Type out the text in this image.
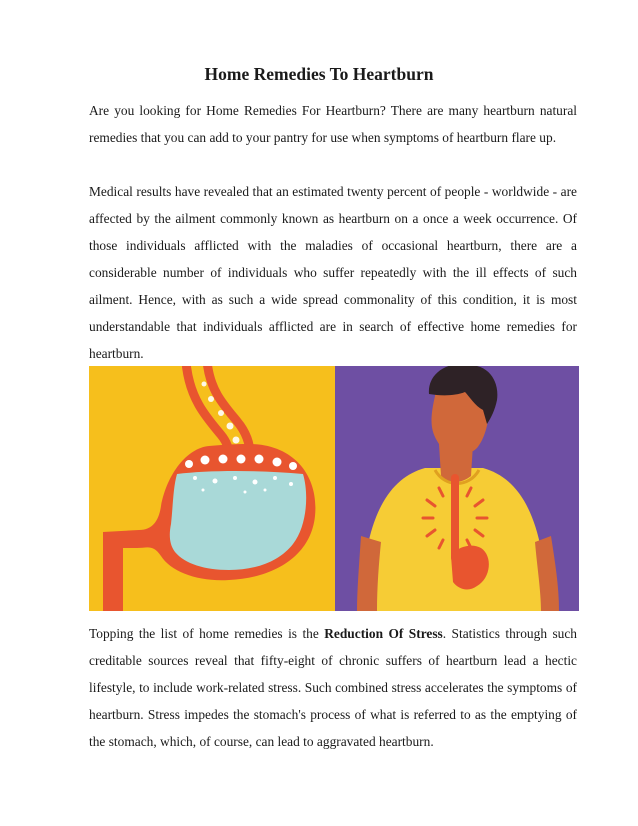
Home Remedies To Heartburn

Are you looking for Home Remedies For Heartburn? There are many heartburn natural remedies that you can add to your pantry for use when symptoms of heartburn flare up.

Medical results have revealed that an estimated twenty percent of people - worldwide - are affected by the ailment commonly known as heartburn on a once a week occurrence. Of those individuals afflicted with the maladies of occasional heartburn, there are a considerable number of individuals who suffer repeatedly with the ill effects of such ailment. Hence, with as such a wide spread commonality of this condition, it is most understandable that individuals afflicted are in search of effective home remedies for heartburn.

Topping the list of home remedies is the Reduction Of Stress. Statistics through such creditable sources reveal that fifty-eight of chronic suffers of heartburn lead a hectic lifestyle, to include work-related stress. Such combined stress accelerates the symptoms of heartburn. Stress impedes the stomach's process of what is referred to as the emptying of the stomach, which, of course, can lead to aggravated heartburn.
